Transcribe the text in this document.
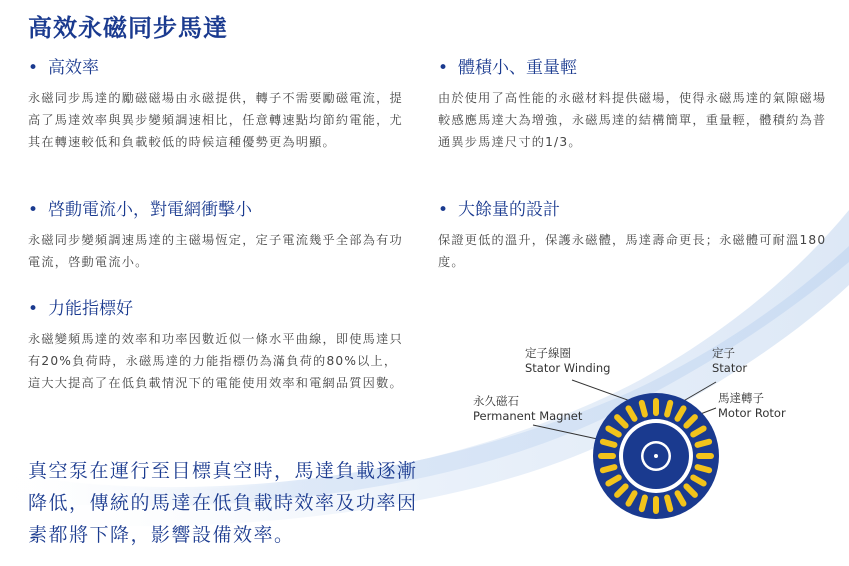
高效永磁同步馬達
• 高效率

永磁同步馬達的勵磁磁場由永磁提供，轉子不需要勵磁電流，提高了馬達效率與異步變頻調速相比，任意轉速點均節約電能，尤其在轉速較低和負載較低的時候這種優勢更為明顯。

• 啓動電流小，對電網衝擊小

永磁同步變頻調速馬達的主磁場恆定，定子電流幾乎全部為有功電流，啓動電流小。

• 力能指標好

永磁變頻馬達的效率和功率因數近似一條水平曲線，即使馬達只有20%負荷時，永磁馬達的力能指標仍為滿負荷的80%以上，這大大提高了在低負載情況下的電能使用效率和電網品質因數。

• 體積小、重量輕

由於使用了高性能的永磁材料提供磁場，使得永磁馬達的氣隙磁場較感應馬達大為增強，永磁馬達的結構簡單，重量輕，體積約為普通異步馬達尺寸的1/3。

• 大餘量的設計

保證更低的溫升，保護永磁體，馬達壽命更長；永磁體可耐溫180度。

真空泵在運行至目標真空時，馬達負載逐漸降低，傳統的馬達在低負載時效率及功率因素都將下降，影響設備效率。

定子線圈
Stator Winding
定子
Stator
馬達轉子
Motor Rotor
永久磁石
Permanent Magnet
